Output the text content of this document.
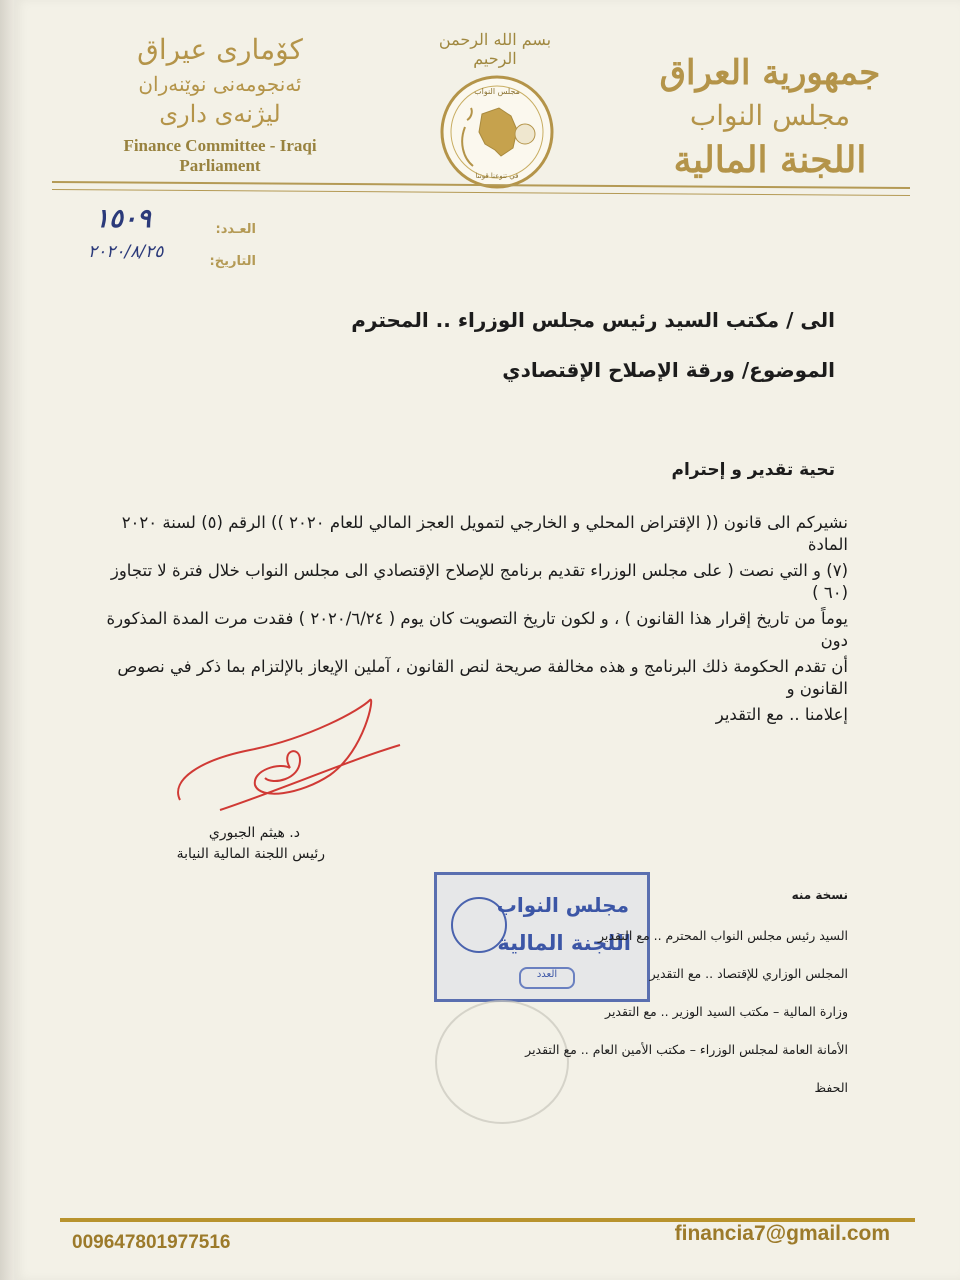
جمهورية العراق
مجلس النواب
اللجنة المالية
كۆماری عیراق
ئەنجومەنی نوێنەران
لیژنەی داری
Finance Committee - Iraqi
Parliament
بسم الله الرحمن الرحيم
مجلس النواب
في تنوعنا قوتنا
العـدد:
التاريخ:
١٥٠٩
٢٠٢٠/٨/٢٥
الى / مكتب السيد رئيس مجلس الوزراء .. المحترم
الموضوع/ ورقة الإصلاح الإقتصادي
تحية تقدير و إحترام
نشيركم الى قانون (( الإقتراض المحلي و الخارجي لتمويل العجز المالي للعام ٢٠٢٠ )) الرقم (٥) لسنة ٢٠٢٠ المادة
(٧) و التي نصت ( على مجلس الوزراء تقديم برنامج للإصلاح الإقتصادي الى مجلس النواب خلال فترة لا تتجاوز (٦٠ )
يوماً من تاريخ إقرار هذا القانون ) ، و لكون تاريخ التصويت كان يوم ( ٢٠٢٠/٦/٢٤ ) فقدت مرت المدة المذكورة دون
أن تقدم الحكومة ذلك البرنامج و هذه مخالفة صريحة لنص القانون ، آملين الإيعاز بالإلتزام بما ذكر في نصوص القانون و
إعلامنا .. مع التقدير
د. هيثم الجبوري
رئيس اللجنة المالية النيابة
مجلس النواب
اللجنة المالية
العدد
نسخة منه
السيد رئيس مجلس النواب المحترم .. مع التقدير
المجلس الوزاري للإقتصاد .. مع التقدير
وزارة المالية – مكتب السيد الوزير .. مع التقدير
الأمانة العامة لمجلس الوزراء – مكتب الأمين العام .. مع التقدير
الحفظ
009647801977516	financia7@gmail.com
